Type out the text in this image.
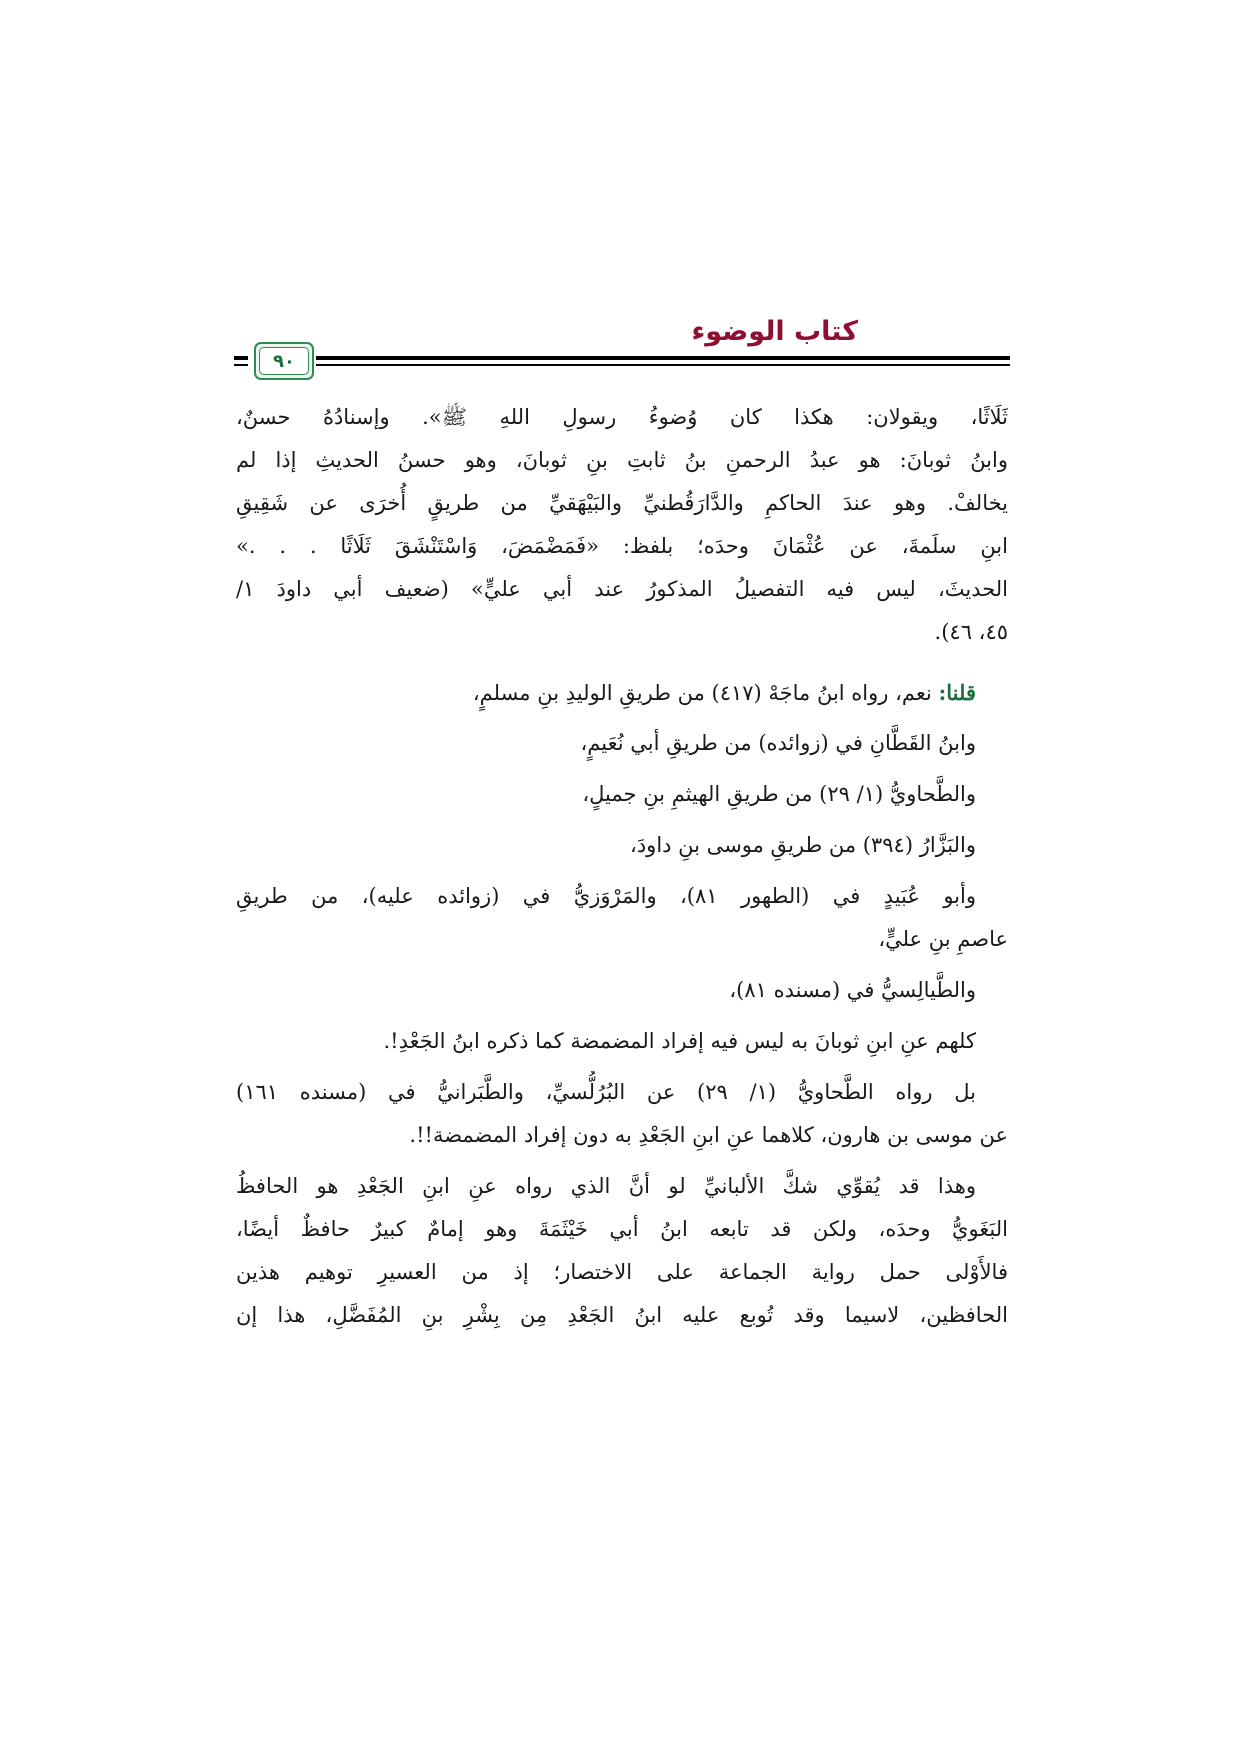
كتاب الوضوء
٩٠
ثَلَاثًا، ويقولان: هكذا كان وُضوءُ رسولِ اللهِ ﷺ». وإسنادُهُ حسنٌ،
وابنُ ثوبانَ: هو عبدُ الرحمنِ بنُ ثابتِ بنِ ثوبانَ، وهو حسنُ الحديثِ إذا لم
يخالفْ. وهو عندَ الحاكمِ والدَّارَقُطنيِّ والبَيْهَقيِّ من طريقٍ أُخرَى عن شَقِيقِ
ابنِ سلَمةَ، عن عُثْمَانَ وحدَه؛ بلفظ: «فَمَضْمَضَ، وَاسْتَنْشَقَ ثَلَاثًا . . .»
الحديثَ، ليس فيه التفصيلُ المذكورُ عند أبي عليٍّ» (ضعيف أبي داودَ ١/
٤٥، ٤٦).
قلنا: نعم، رواه ابنُ ماجَهْ (٤١٧) من طريقِ الوليدِ بنِ مسلمٍ،
وابنُ القَطَّانِ في (زوائده) من طريقِ أبي نُعَيمٍ،
والطَّحاويُّ (١/ ٢٩) من طريقِ الهيثمِ بنِ جميلٍ،
والبَزَّارُ (٣٩٤) من طريقِ موسى بنِ داودَ،
وأبو عُبَيدٍ في (الطهور ٨١)، والمَرْوَزيُّ في (زوائده عليه)، من طريقِ
عاصمِ بنِ عليٍّ،
والطَّيالِسيُّ في (مسنده ٨١)،
كلهم عنِ ابنِ ثوبانَ به ليس فيه إفراد المضمضة كما ذكره ابنُ الجَعْدِ!.
بل رواه الطَّحاويُّ (١/ ٢٩) عن البُرُلُّسيِّ، والطَّبَرانيُّ في (مسنده ١٦١)
عن موسى بن هارون، كلاهما عنِ ابنِ الجَعْدِ به دون إفراد المضمضة!!.
وهذا قد يُقوِّي شكَّ الألبانيِّ لو أنَّ الذي رواه عنِ ابنِ الجَعْدِ هو الحافظُ
البَغَويُّ وحدَه، ولكن قد تابعه ابنُ أبي خَيْثَمَةَ وهو إمامٌ كبيرٌ حافظٌ أيضًا،
فالأَوْلى حمل رواية الجماعة على الاختصار؛ إذ من العسيرِ توهيم هذين
الحافظين، لاسيما وقد تُوبع عليه ابنُ الجَعْدِ مِن بِشْرِ بنِ المُفَضَّلِ، هذا إن
